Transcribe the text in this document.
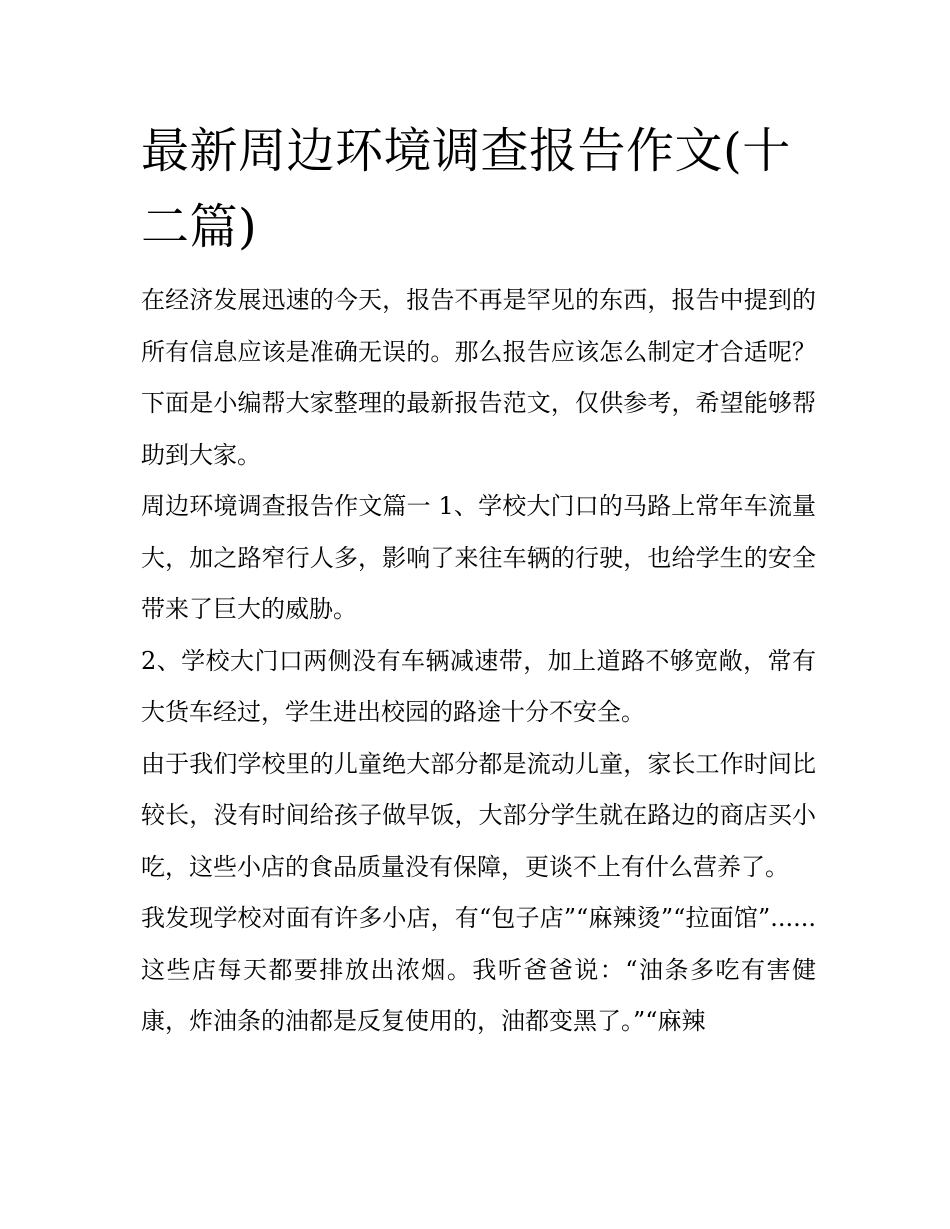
最新周边环境调查报告作文(十二篇)

在经济发展迅速的今天，报告不再是罕见的东西，报告中提到的所有信息应该是准确无误的。那么报告应该怎么制定才合适呢？下面是小编帮大家整理的最新报告范文，仅供参考，希望能够帮助到大家。

周边环境调查报告作文篇一 1、学校大门口的马路上常年车流量大，加之路窄行人多，影响了来往车辆的行驶，也给学生的安全带来了巨大的威胁。

2、学校大门口两侧没有车辆减速带，加上道路不够宽敞，常有大货车经过，学生进出校园的路途十分不安全。

由于我们学校里的儿童绝大部分都是流动儿童，家长工作时间比较长，没有时间给孩子做早饭，大部分学生就在路边的商店买小吃，这些小店的食品质量没有保障，更谈不上有什么营养了。

我发现学校对面有许多小店，有“包子店”“麻辣烫”“拉面馆”......这些店每天都要排放出浓烟。我听爸爸说：“油条多吃有害健康，炸油条的油都是反复使用的，油都变黑了。”“麻辣
